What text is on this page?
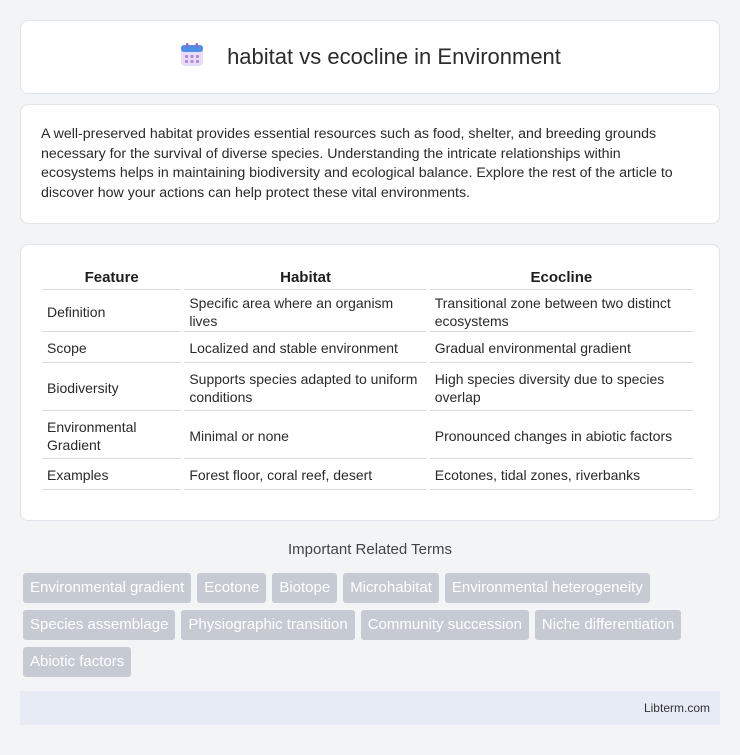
habitat vs ecocline in Environment

A well-preserved habitat provides essential resources such as food, shelter, and breeding grounds necessary for the survival of diverse species. Understanding the intricate relationships within ecosystems helps in maintaining biodiversity and ecological balance. Explore the rest of the article to discover how your actions can help protect these vital environments.

Feature	Habitat	Ecocline
Definition	Specific area where an organism lives	Transitional zone between two distinct ecosystems
Scope	Localized and stable environment	Gradual environmental gradient
Biodiversity	Supports species adapted to uniform conditions	High species diversity due to species overlap
Environmental Gradient	Minimal or none	Pronounced changes in abiotic factors
Examples	Forest floor, coral reef, desert	Ecotones, tidal zones, riverbanks
Important Related Terms
Environmental gradient	Ecotone	Biotope	Microhabitat	Environmental heterogeneity
Species assemblage	Physiographic transition	Community succession	Niche differentiation
Abiotic factors
Libterm.com
